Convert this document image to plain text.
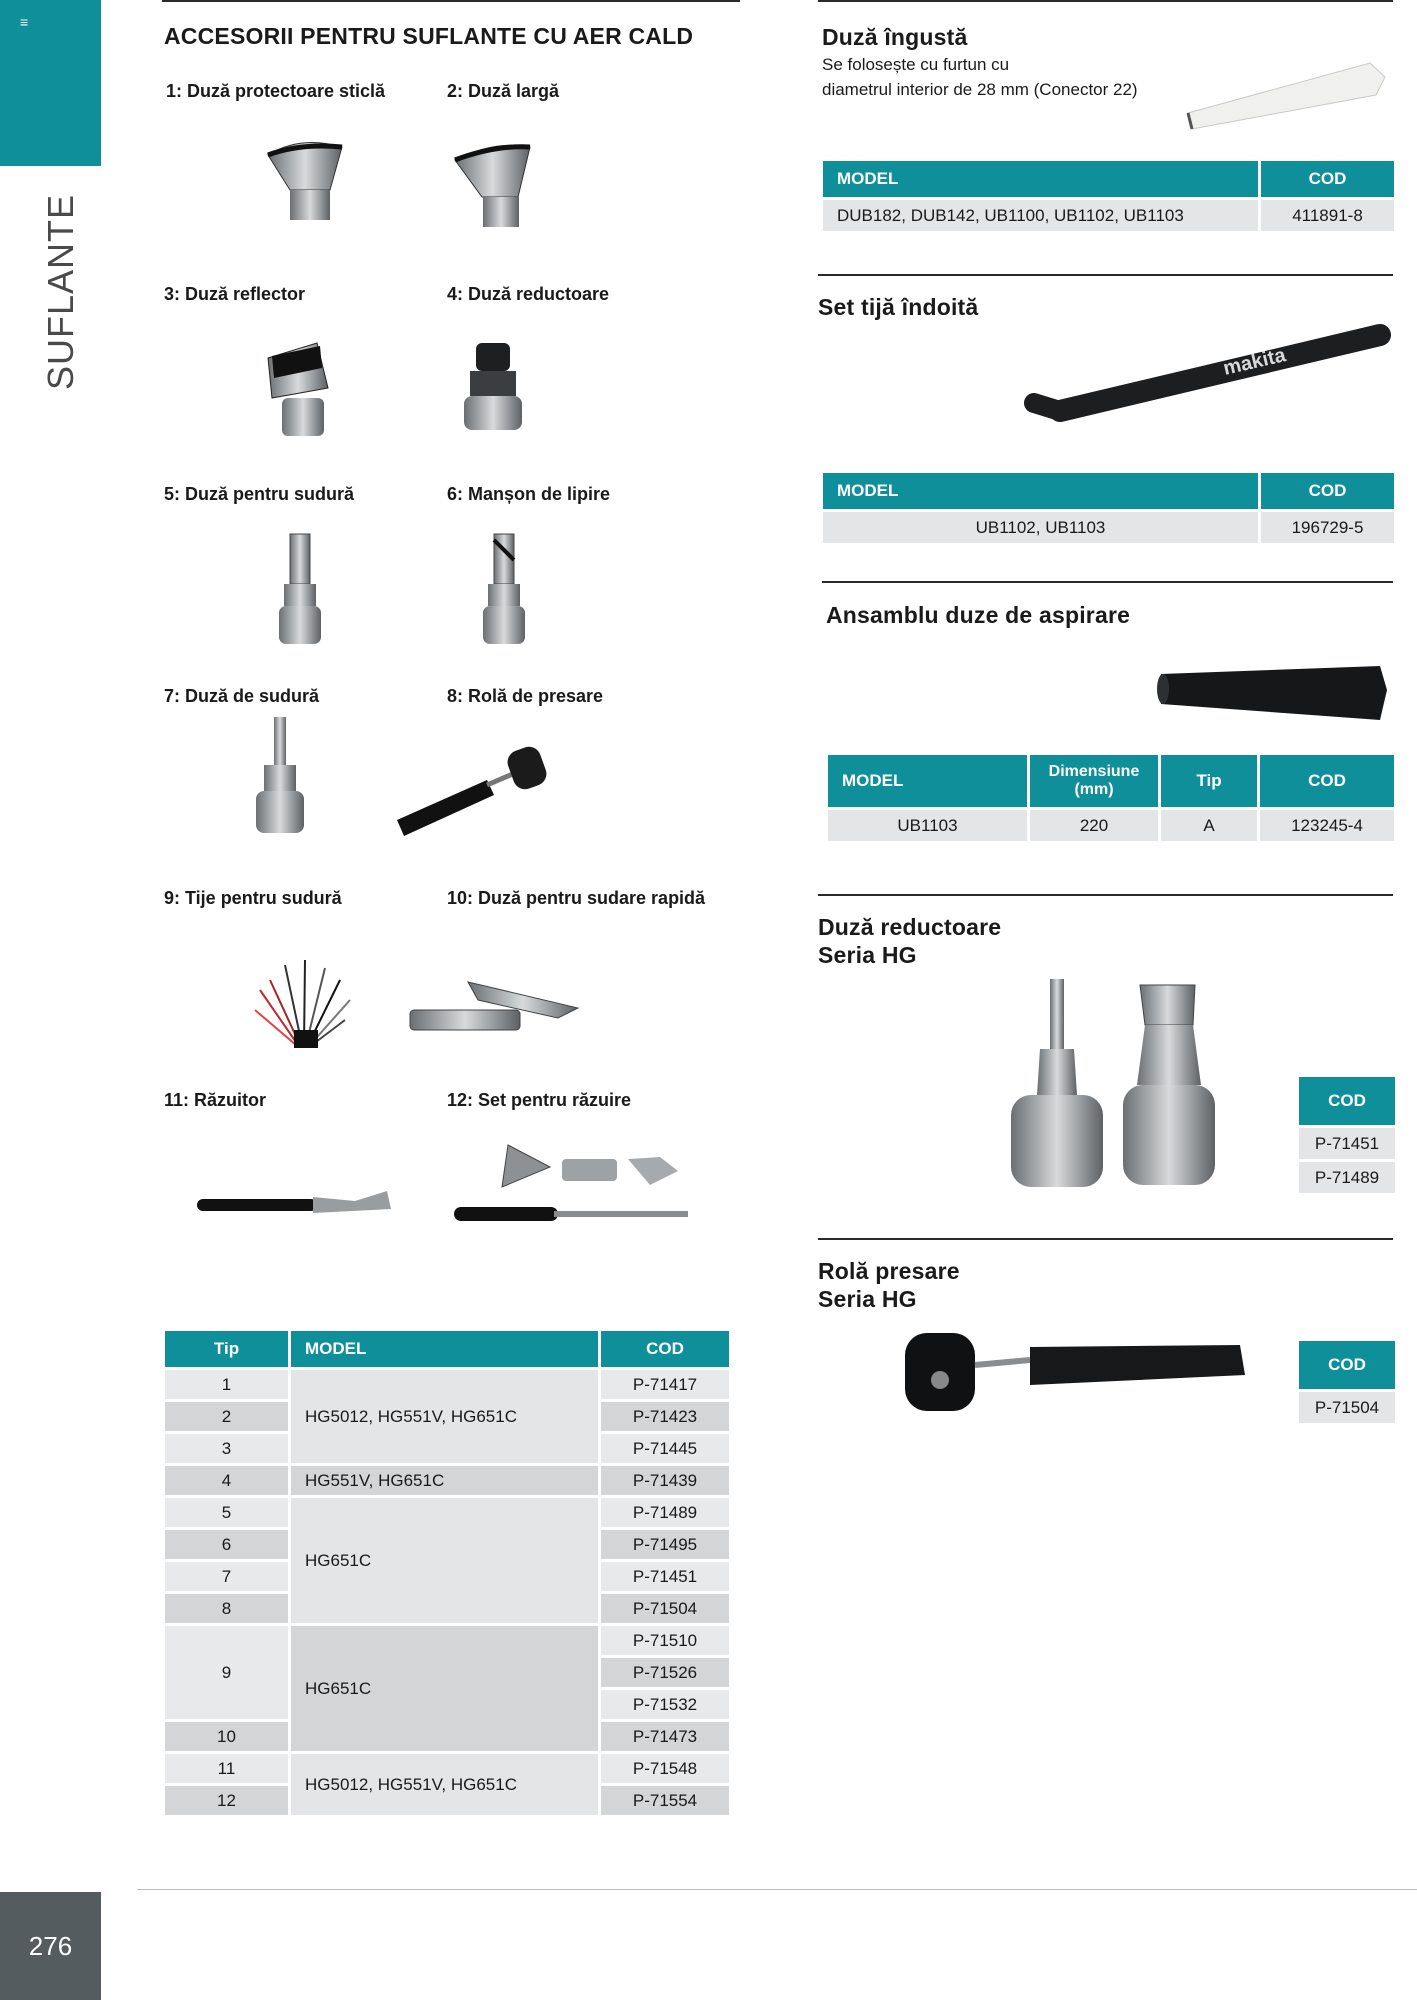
≡
SUFLANTE
276
ACCESORII PENTRU SUFLANTE CU AER CALD
1: Duză protectoare sticlă	2: Duză largă
3: Duză reflector	4: Duză reductoare
5: Duză pentru sudură	6: Manșon de lipire
7: Duză de sudură	8: Rolă de presare
9: Tije pentru sudură	10: Duză pentru sudare rapidă
11: Răzuitor	12: Set pentru răzuire
Tip	MODEL	COD
1	HG5012, HG551V, HG651C	P-71417
2		P-71423
3		P-71445
4	HG551V, HG651C	P-71439
5	HG651C	P-71489
6		P-71495
7		P-71451
8		P-71504
9	HG651C	P-71510
		P-71526
		P-71532
10		P-71473
11	HG5012, HG551V, HG651C	P-71548
12		P-71554
Duză îngustă
Se folosește cu furtun cu
diametrul interior de 28 mm (Conector 22)
MODEL	COD
DUB182, DUB142, UB1100, UB1102, UB1103	411891-8
Set tijă îndoită
makita
MODEL	COD
UB1102, UB1103	196729-5
Ansamblu duze de aspirare
MODEL	Dimensiune (mm)	Tip	COD
UB1103	220	A	123245-4
Duză reductoare
Seria HG
COD
P-71451
P-71489
Rolă presare
Seria HG
COD
P-71504
